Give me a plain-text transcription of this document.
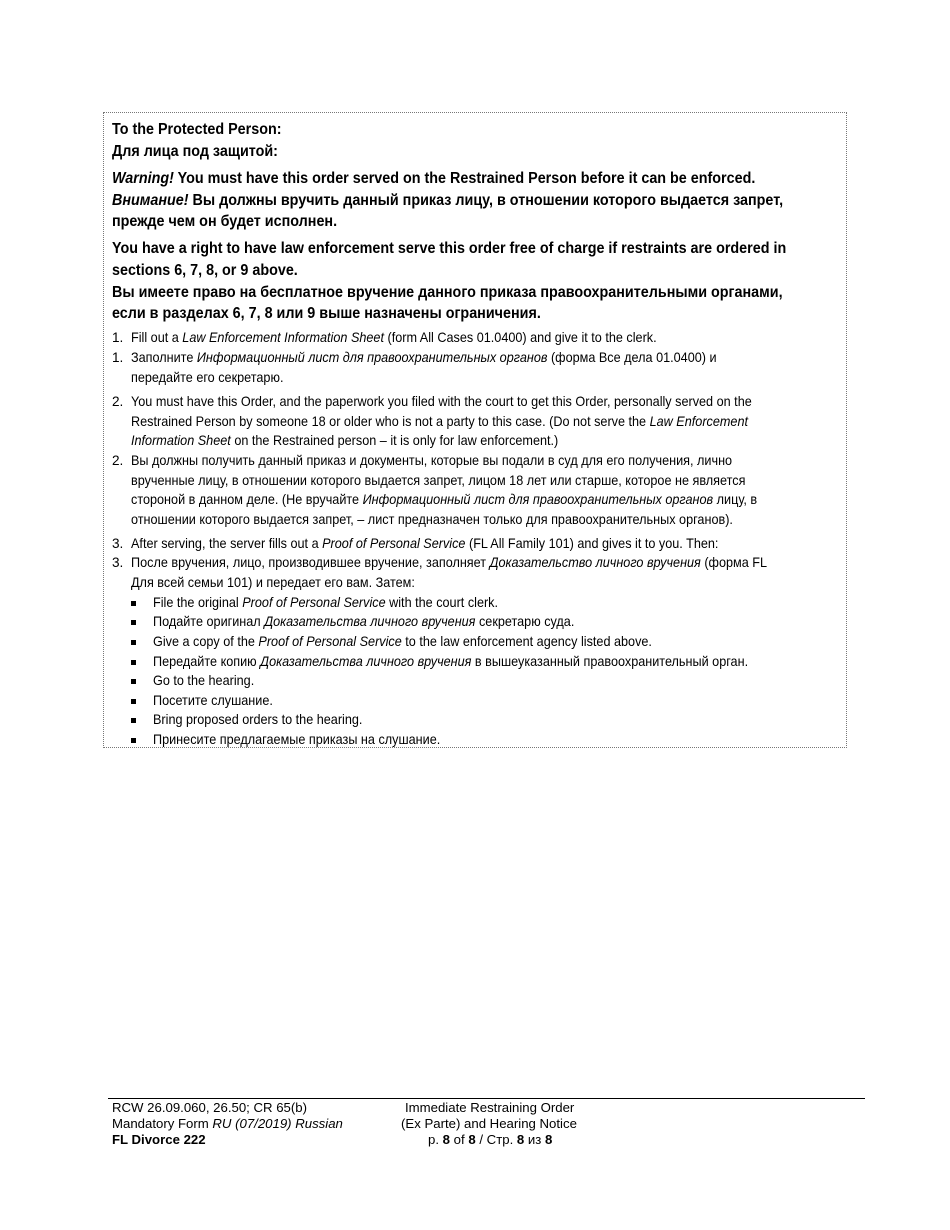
To the Protected Person:
Для лица под защитой:
Warning! You must have this order served on the Restrained Person before it can be enforced.
Внимание! Вы должны вручить данный приказ лицу, в отношении которого выдается запрет,
прежде чем он будет исполнен.
You have a right to have law enforcement serve this order free of charge if restraints are ordered in
sections 6, 7, 8, or 9 above.
Вы имеете право на бесплатное вручение данного приказа правоохранительными органами,
если в разделах 6, 7, 8 или 9 выше назначены ограничения.
1. Fill out a Law Enforcement Information Sheet (form All Cases 01.0400) and give it to the clerk.
1. Заполните Информационный лист для правоохранительных органов (форма Все дела 01.0400) и
передайте его секретарю.
2. You must have this Order, and the paperwork you filed with the court to get this Order, personally served on the
Restrained Person by someone 18 or older who is not a party to this case. (Do not serve the Law Enforcement
Information Sheet on the Restrained person – it is only for law enforcement.)
2. Вы должны получить данный приказ и документы, которые вы подали в суд для его получения, лично
врученные лицу, в отношении которого выдается запрет, лицом 18 лет или старше, которое не является
стороной в данном деле. (Не вручайте Информационный лист для правоохранительных органов лицу, в
отношении которого выдается запрет, – лист предназначен только для правоохранительных органов).
3. After serving, the server fills out a Proof of Personal Service (FL All Family 101) and gives it to you. Then:
3. После вручения, лицо, производившее вручение, заполняет Доказательство личного вручения (форма FL
Для всей семьи 101) и передает его вам. Затем:
File the original Proof of Personal Service with the court clerk.
Подайте оригинал Доказательства личного вручения секретарю суда.
Give a copy of the Proof of Personal Service to the law enforcement agency listed above.
Передайте копию Доказательства личного вручения в вышеуказанный правоохранительный орган.
Go to the hearing.
Посетите слушание.
Bring proposed orders to the hearing.
Принесите предлагаемые приказы на слушание.
RCW 26.09.060, 26.50; CR 65(b)
Mandatory Form RU (07/2019) Russian
FL Divorce 222
Immediate Restraining Order
(Ex Parte) and Hearing Notice
p. 8 of 8 / Стр. 8 из 8
